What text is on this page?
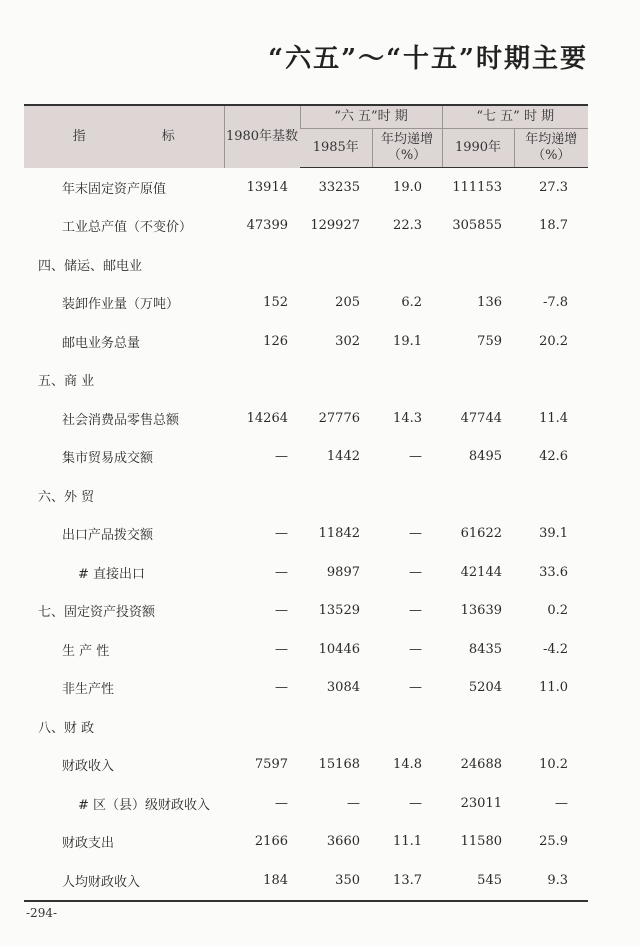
“六五”～“十五”时期主要
指 标	1980年基数	“六 五”时 期		“七 五” 时 期	
		1985年	年均递增（%）	1990年	年均递增（%）
年末固定资产原值	13914	33235	19.0	111153	27.3
工业总产值（不变价）	47399	129927	22.3	305855	18.7
四、储运、邮电业					
装卸作业量（万吨）	152	205	6.2	136	-7.8
邮电业务总量	126	302	19.1	759	20.2
五、商 业					
社会消费品零售总额	14264	27776	14.3	47744	11.4
集市贸易成交额	—	1442	—	8495	42.6
六、外 贸					
出口产品拨交额	—	11842	—	61622	39.1
# 直接出口	—	9897	—	42144	33.6
七、固定资产投资额	—	13529	—	13639	0.2
生 产 性	—	10446	—	8435	-4.2
非生产性	—	3084	—	5204	11.0
八、财 政					
财政收入	7597	15168	14.8	24688	10.2
# 区（县）级财政收入	—	—	—	23011	—
财政支出	2166	3660	11.1	11580	25.9
人均财政收入	184	350	13.7	545	9.3
-294-
